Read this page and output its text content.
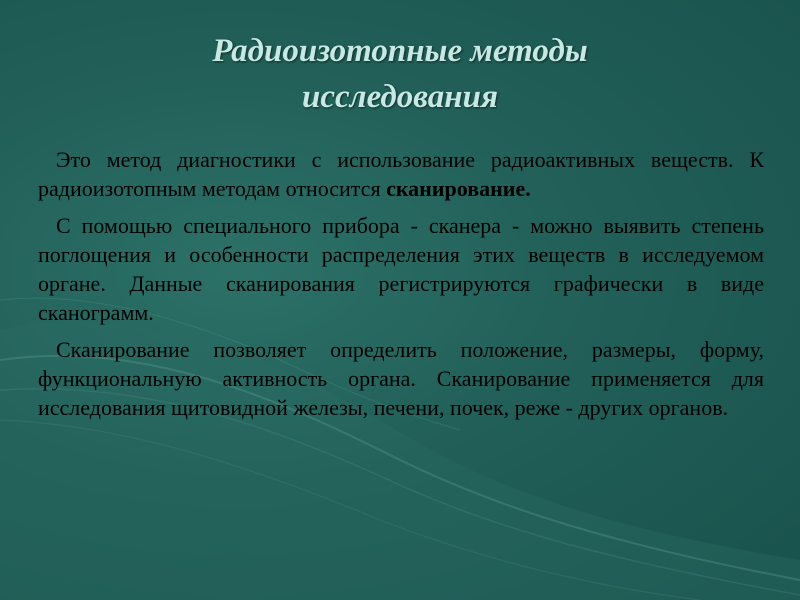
Радиоизотопные методы
исследования

Это метод диагностики с использование радиоактивных веществ. К радиоизотопным методам относится сканирование.

С помощью специального прибора - сканера - можно выявить степень поглощения и особенности распределения этих веществ в исследуемом органе. Данные сканирования регистрируются графически в виде сканограмм.

Сканирование позволяет определить положение, размеры, форму, функциональную активность органа. Сканирование применяется для исследования щитовидной железы, печени, почек, реже - других органов.
